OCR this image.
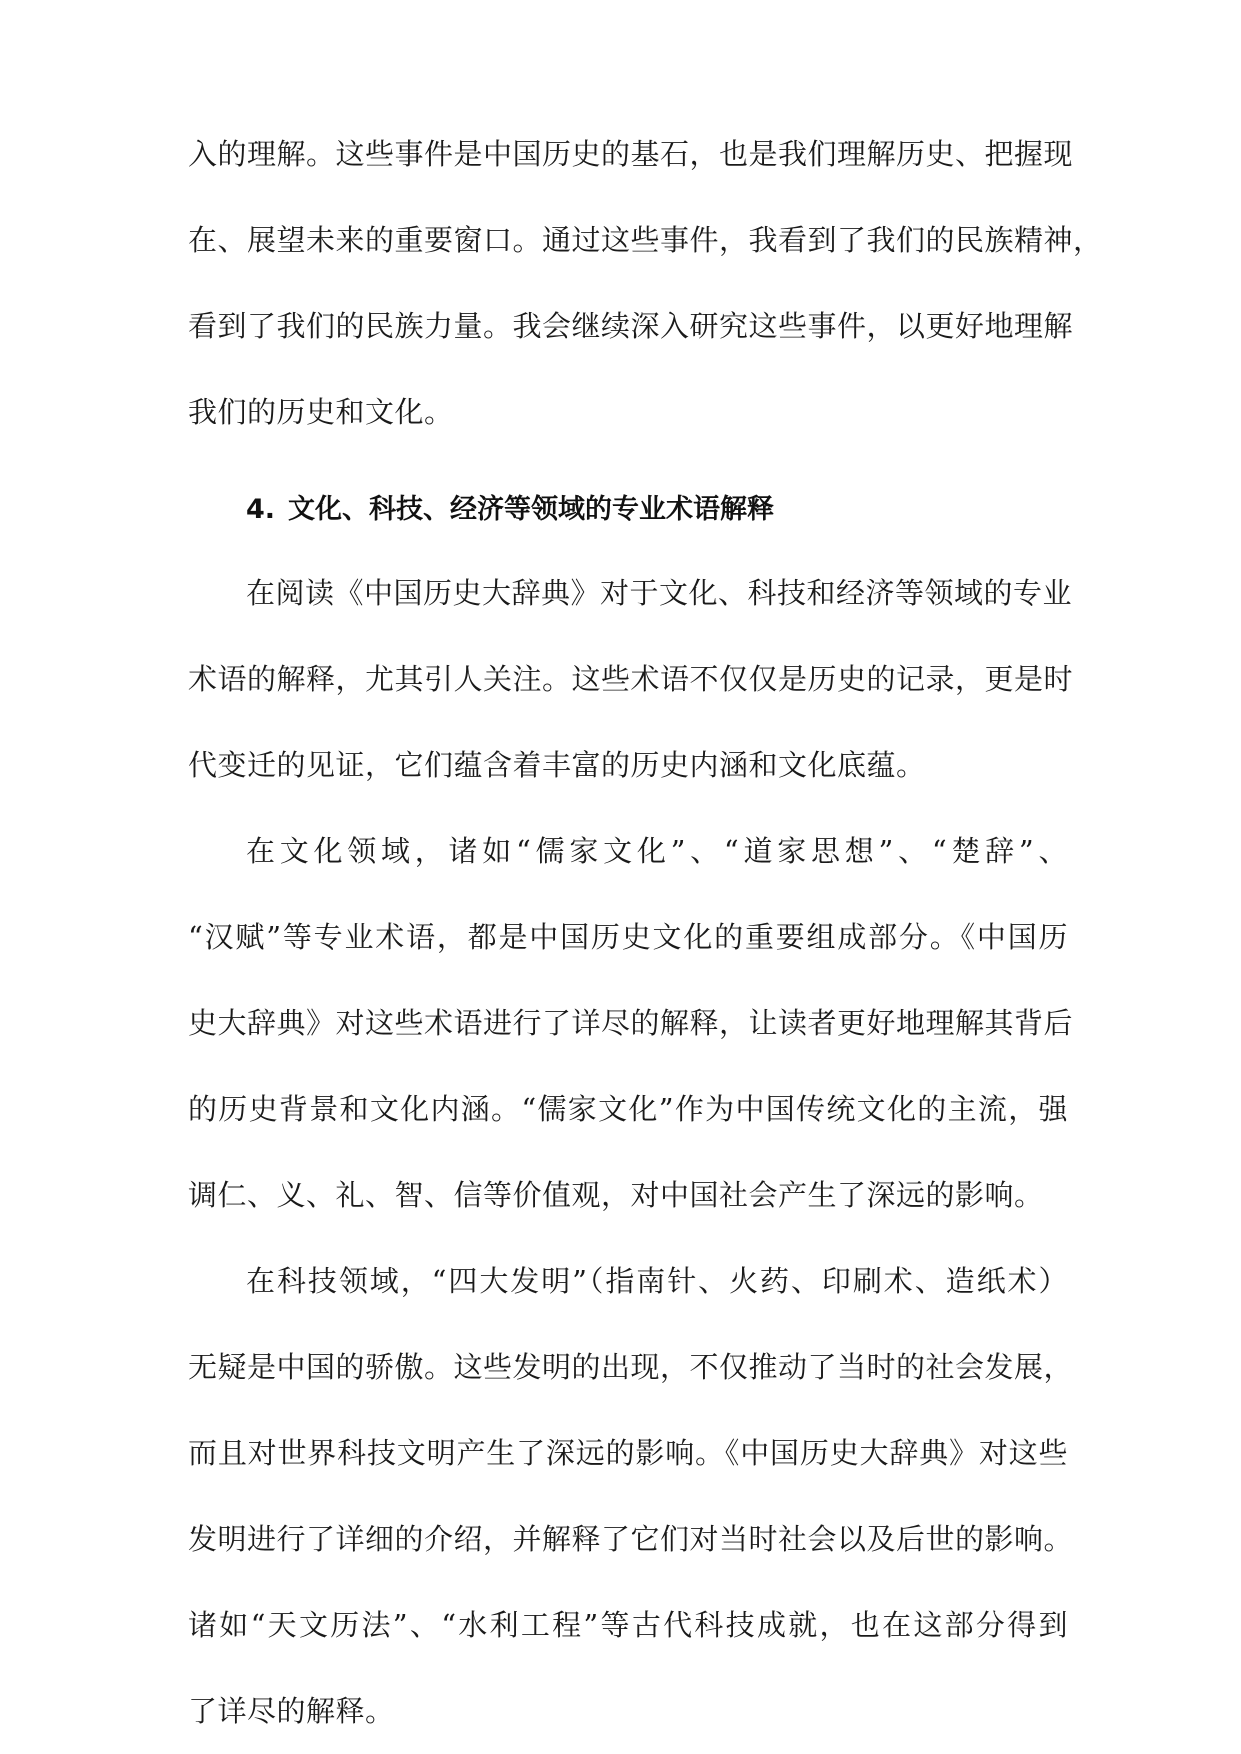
入的理解。这些事件是中国历史的基石，也是我们理解历史、把握现
在、展望未来的重要窗口。通过这些事件，我看到了我们的民族精神，
看到了我们的民族力量。我会继续深入研究这些事件，以更好地理解
我们的历史和文化。
4. 文化、科技、经济等领域的专业术语解释
在阅读《中国历史大辞典》对于文化、科技和经济等领域的专业
术语的解释，尤其引人关注。这些术语不仅仅是历史的记录，更是时
代变迁的见证，它们蕴含着丰富的历史内涵和文化底蕴。
在文化领域，诸如“儒家文化”、“道家思想”、“楚辞”、
“汉赋”等专业术语，都是中国历史文化的重要组成部分。《中国历
史大辞典》对这些术语进行了详尽的解释，让读者更好地理解其背后
的历史背景和文化内涵。“儒家文化”作为中国传统文化的主流，强
调仁、义、礼、智、信等价值观，对中国社会产生了深远的影响。
在科技领域，“四大发明”（指南针、火药、印刷术、造纸术）
无疑是中国的骄傲。这些发明的出现，不仅推动了当时的社会发展，
而且对世界科技文明产生了深远的影响。《中国历史大辞典》对这些
发明进行了详细的介绍，并解释了它们对当时社会以及后世的影响。
诸如“天文历法”、“水利工程”等古代科技成就，也在这部分得到
了详尽的解释。
